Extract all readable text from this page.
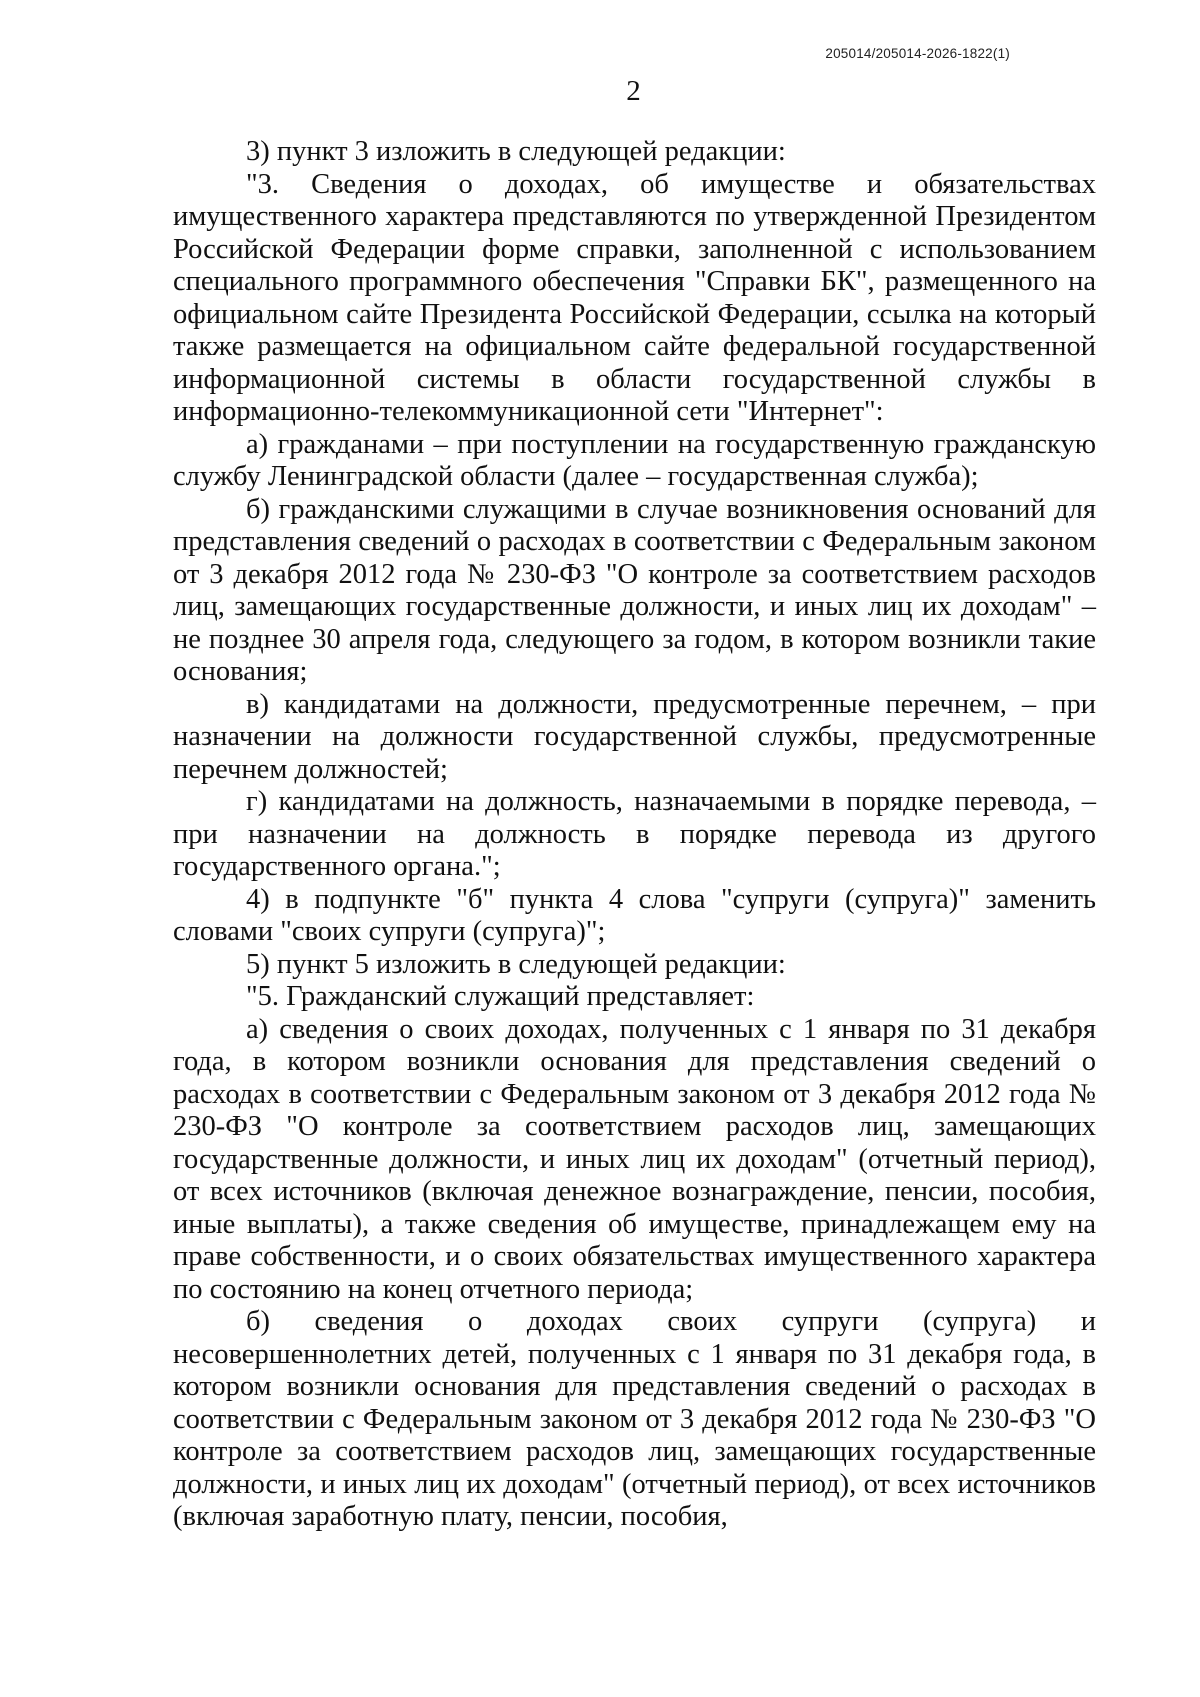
205014/205014-2026-1822(1)
2

3) пункт 3 изложить в следующей редакции:

"3. Сведения о доходах, об имуществе и обязательствах имущественного характера представляются по утвержденной Президентом Российской Федерации форме справки, заполненной с использованием специального программного обеспечения "Справки БК", размещенного на официальном сайте Президента Российской Федерации, ссылка на который также размещается на официальном сайте федеральной государственной информационной системы в области государственной службы в информационно-телекоммуникационной сети "Интернет":

а) гражданами – при поступлении на государственную гражданскую службу Ленинградской области (далее – государственная служба);

б) гражданскими служащими в случае возникновения оснований для представления сведений о расходах в соответствии с Федеральным законом от 3 декабря 2012 года № 230-ФЗ "О контроле за соответствием расходов лиц, замещающих государственные должности, и иных лиц их доходам" – не позднее 30 апреля года, следующего за годом, в котором возникли такие основания;

в) кандидатами на должности, предусмотренные перечнем, – при назначении на должности государственной службы, предусмотренные перечнем должностей;

г) кандидатами на должность, назначаемыми в порядке перевода, – при назначении на должность в порядке перевода из другого государственного органа.";

4) в подпункте "б" пункта 4 слова "супруги (супруга)" заменить словами "своих супруги (супруга)";

5) пункт 5 изложить в следующей редакции:

"5. Гражданский служащий представляет:

а) сведения о своих доходах, полученных с 1 января по 31 декабря года, в котором возникли основания для представления сведений о расходах в соответствии с Федеральным законом от 3 декабря 2012 года № 230-ФЗ "О контроле за соответствием расходов лиц, замещающих государственные должности, и иных лиц их доходам" (отчетный период), от всех источников (включая денежное вознаграждение, пенсии, пособия, иные выплаты), а также сведения об имуществе, принадлежащем ему на праве собственности, и о своих обязательствах имущественного характера по состоянию на конец отчетного периода;

б) сведения о доходах своих супруги (супруга) и несовершеннолетних детей, полученных с 1 января по 31 декабря года, в котором возникли основания для представления сведений о расходах в соответствии с Федеральным законом от 3 декабря 2012 года № 230-ФЗ "О контроле за соответствием расходов лиц, замещающих государственные должности, и иных лиц их доходам" (отчетный период), от всех источников (включая заработную плату, пенсии, пособия,
